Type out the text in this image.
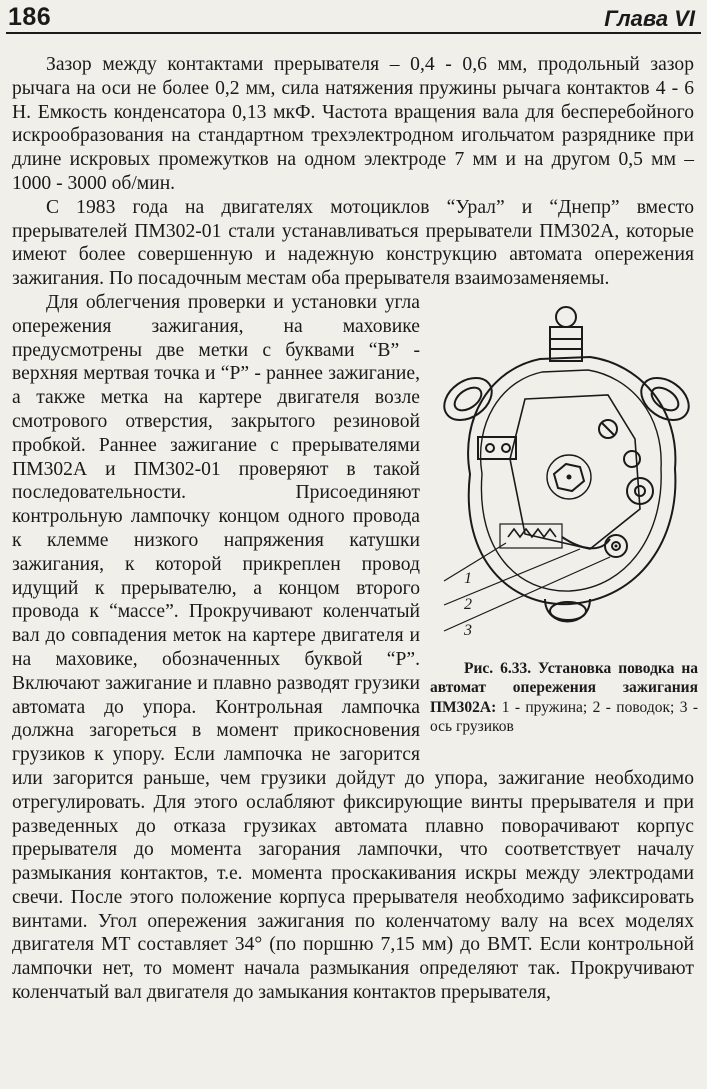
186	Глава VI

Зазор между контактами прерывателя – 0,4 - 0,6 мм, продольный зазор рычага на оси не более 0,2 мм, сила натяжения пружины рычага контактов 4 - 6 Н. Емкость конденсатора 0,13 мкФ. Частота вращения вала для бесперебойного искрообразования на стандартном трехэлектродном игольчатом разряднике при длине искровых промежутков на одном электроде 7 мм и на другом 0,5 мм – 1000 - 3000 об/мин.

С 1983 года на двигателях мотоциклов “Урал” и “Днепр” вместо прерывателей ПМ302-01 стали устанавливаться прерыватели ПМ302А, которые имеют более совершенную и надежную конструкцию автомата опережения зажигания. По посадочным местам оба прерывателя взаимозаменяемы.

1
2
3
Рис. 6.33. Установка поводка на автомат опережения зажигания ПМ302А: 1 - пружина; 2 - поводок; 3 - ось грузиков
Для облегчения проверки и установки угла опережения зажигания, на маховике предусмотрены две метки с буквами “В” - верхняя мертвая точка и “Р” - раннее зажигание, а также метка на картере двигателя возле смотрового отверстия, закрытого резиновой пробкой. Раннее зажигание с прерывателями ПМ302А и ПМ302-01 проверяют в такой последовательности. Присоединяют контрольную лампочку концом одного провода к клемме низкого напряжения катушки зажигания, к которой прикреплен провод идущий к прерывателю, а концом второго провода к “массе”. Прокручивают коленчатый вал до совпадения меток на картере двигателя и на маховике, обозначенных буквой “Р”. Включают зажигание и плавно разводят грузики автомата до упора. Контрольная лампочка должна загореться в момент прикосновения грузиков к упору. Если лампочка не загорится или загорится раньше, чем грузики дойдут до упора, зажигание необходимо отрегулировать. Для этого ослабляют фиксирующие винты прерывателя и при разведенных до отказа грузиках автомата плавно поворачивают корпус прерывателя до момента загорания лампочки, что соответствует началу размыкания контактов, т.е. момента проскакивания искры между электродами свечи. После этого положение корпуса прерывателя необходимо зафиксировать винтами. Угол опережения зажигания по коленчатому валу на всех моделях двигателя МТ составляет 34° (по поршню 7,15 мм) до ВМТ. Если контрольной лампочки нет, то момент начала размыкания определяют так. Прокручивают коленчатый вал двигателя до замыкания контактов прерывателя,
